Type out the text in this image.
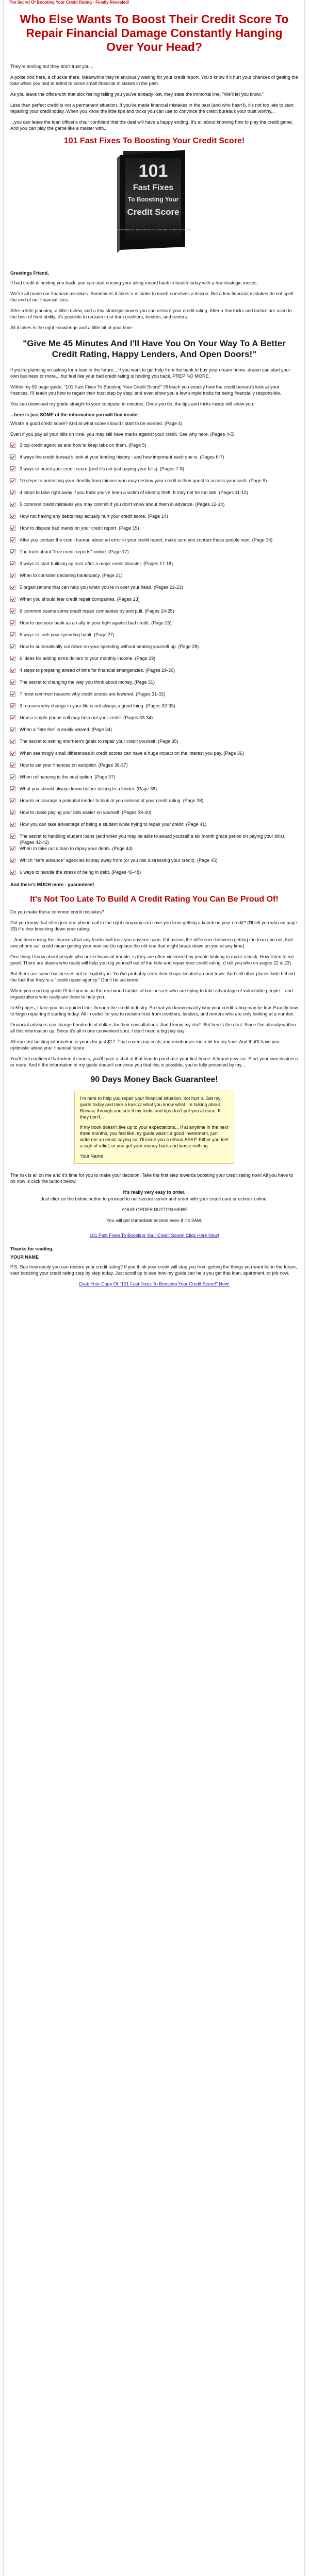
The Secret Of Boosting Your Credit Rating - Finally Revealed!
Who Else Wants To Boost Their Credit Score To Repair Financial Damage Constantly Hanging Over Your Head?

They're smiling but they don't trust you...

A polite nod here, a chuckle there. Meanwhile they're anxiously waiting for your credit report. You'd know if it hurt your chances of getting the loan when you had to admit to some small financial mistakes in the past.

As you leave the office with that sick feeling telling you you've already lost, they state the immortal line, "We'll let you know."

Less than perfect credit is not a permanent situation. If you've made financial mistakes in the past (and who hasn't), it's not too late to start repairing your credit today. When you know the little tips and tricks you can use to convince the credit bureaus your trust worthy...

...you can leave the loan officer's chair confident that the deal will have a happy ending. It's all about knowing how to play the credit game. And you can play the game like a master with...

101 Fast Fixes To Boosting Your Credit Score!
101
Fast Fixes
To Boosting Your
Credit Score
"How to Repair Your Credit Score And Get On Your Way To A Better Credit Rating"
Greetings Friend,

If bad credit is holding you back, you can start nursing your ailing record back to health today with a few strategic moves.

We've all made our financial mistakes. Sometimes it takes a mistake to teach ourselves a lesson. But a few financial mistakes do not spell the end of our financial lives.

After a little planning, a little review, and a few strategic moves you can restore your credit rating. After a few tricks and tactics are used to the best of their ability, it's possible to reclaim trust from creditors, lenders, and renters.

All it takes is the right knowledge and a little bit of your time...

"Give Me 45 Minutes And I'll Have You On Your Way To A Better Credit Rating, Happy Lenders, And Open Doors!"

If you're planning on asking for a loan in the future... If you want to get help from the bank to buy your dream home, dream car, start your own business or more... but feel like your bad credit rating is holding you back, PREP NO MORE.

Within my 50 page guide, "101 Fast Fixes To Boosting Your Credit Score!" I'll teach you exactly how the credit bureau's look at your finances. I'll teach you how to regain their trust step by step, and even show you a few simple tricks for being financially responsible.

You can download my guide straight to your computer in minutes. Once you do, the tips and tricks inside will show you:

...here is just SOME of the information you will find inside:

What's a good credit score? And at what score should I start to be worried. (Page 4)

Even if you pay all your bills on time, you may still have marks against your credit. See why here. (Pages 4-5)

3 top credit agencies and how to keep tabs on them. (Page 5)
4 ways the credit bureau's look at your lending history - and how important each one is. (Pages 6-7)
3 ways to boost your credit score (and it's not just paying your bills). (Pages 7-8)
10 steps to protecting your identity from thieves who may destroy your credit in their quest to access your cash. (Page 9)
4 steps to take right away if you think you've been a victim of identity theft. It may not be too late. (Pages 11-12)
5 common credit mistakes you may commit if you don't know about them in advance. (Pages 12-14)
How not having any debts may actually hurt your credit score. (Page 14)
How to dispute bad marks on your credit report. (Page 15)
After you contact the credit bureau about an error in your credit report, make sure you contact these people next. (Page 16)
The truth about "free credit reports" online. (Page 17)
3 ways to start building up trust after a major credit disaster. (Pages 17-18)
When to consider declaring bankruptcy. (Page 21)
5 organizations that can help you when you're in over your head. (Pages 22-23)
When you should fear credit repair companies. (Pages 23)
6 common scams some credit repair companies try and pull. (Pages 24-25)
How to use your bank as an ally in your fight against bad credit. (Page 25)
5 ways to curb your spending habit. (Page 27)
How to automatically cut down on your spending without beating yourself up. (Page 28)
6 ideas for adding extra dollars to your monthly income. (Page 29)
4 steps to preparing ahead of time for financial emergencies. (Pages 29-30)
The secret to changing the way you think about money. (Page 31)
7 most common reasons why credit scores are lowered. (Pages 31-32)
3 reasons why change in your life is not always a good thing. (Pages 32-33)
How a simple phone call may help out your credit. (Pages 33-34)
When a "late fee" is easily waived. (Page 34)
The secret to setting short-term goals to repair your credit yourself. (Page 35)
When seemingly small differences in credit scores can have a huge impact on the interest you pay. (Page 36)
How to set your finances on autopilot. (Pages 36-37)
When refinancing is the best option. (Page 37)
What you should always know before talking to a lender. (Page 38)
How to encourage a potential lender to look at you instead of your credit rating. (Page 38)
How to make paying your bills easier on yourself. (Pages 39-40)
How you can take advantage of being a student while trying to repair your credit. (Page 41)
The secret to handling student loans (and when you may be able to award yourself a six month grace period on paying your bills). (Pages 42-43)
When to take out a loan to repay your debts. (Page 44)
Which "safe advance" agencies to stay away from (or you risk distressing your credit). (Page 45)
6 ways to handle the stress of being in debt. (Pages 46-48)
And there's MUCH more - guaranteed!
It's Not Too Late To Build A Credit Rating You Can Be Proud Of!

Do you make these common credit mistakes?

Did you know that often just one phone call to the right company can save you from getting a knock on your credit? (I'll tell you who on page 33) if either knocking down your rating.

...And decreasing the chances that any lender will trust you anytime soon. If it means the difference between getting the loan and not, that one phone call could mean getting your new car (to replace the old one that might break down on you at any time).

One thing I know about people who are in financial trouble, is they are often victimized by people looking to make a buck. How listen to me good. There are places who really will help you dig yourself out of the hole and repair your credit rating. (I tell you who on pages 22 & 23)

But there are some businesses out to exploit you. You've probably seen their shops located around town. And still other places hide behind the fact that they're a "credit repair agency." Don't be suckered!

When you read my guide I'll tell you in on the real world tactics of businesses who are trying to take advantage of vulnerable people... and organizations who really are there to help you.

In 50 pages, I take you on a guided tour through the credit industry. So that you know exactly why your credit rating may be low. Exactly how to begin repairing it starting today. All in order for you to reclaim trust from creditors, lenders, and renters who are only looking at a number.

Financial advisors can charge hundreds of dollars for their consultations. And I know my stuff. But here's the deal. Since I've already written all this information up. Since it's all in one convenient spot. I don't need a big pay day.

All my cost-busting information is yours for just $17. That covers my costs and reimburses me a bit for my time. And that'll have you optimistic about your financial future.

You'll feel confident that when it counts, you'll have a shot at that loan to purchase your first home. A brand new car. Start your own business or more. And if the information in my guide doesn't convince you that this is possible, you're fully protected by my...

90 Days Money Back Guarantee!

I'm here to help you repair your financial situation, not hurt it. Get my guide today and take a look at what you know what I'm talking about. Browse through and see if my tricks and tips don't put you at ease. If they don't...

If my book doesn't live up to your expectations... If at anytime in the next three months, you feel like my guide wasn't a good investment, just write me an email saying so. I'll issue you a refund ASAP. Either you feel a sigh of relief, or you get your money back and waste nothing.

Your Name

The risk is all on me and it's time for you to make your decision. Take the first step towards boosting your credit rating now! All you have to do now is click the button below.

It's really very easy to order.
Just click on the below button to proceed to our secure server and order with your credit card or echeck online.
YOUR ORDER BUTTON HERE
You will get immediate access even if it's 3AM.
101 Fast Fixes To Boosting Your Credit Score! Click Here Now!
Thanks for reading,
YOUR NAME

P.S. See how easily you can restore your credit rating? If you think your credit will stop you from getting the things you want for in the future, start boosting your credit rating step by step today. Just scroll up to see how my guide can help you get that loan, apartment, or job now.

Grab Your Copy Of "101 Fast Fixes To Boosting Your Credit Score!" Now!
